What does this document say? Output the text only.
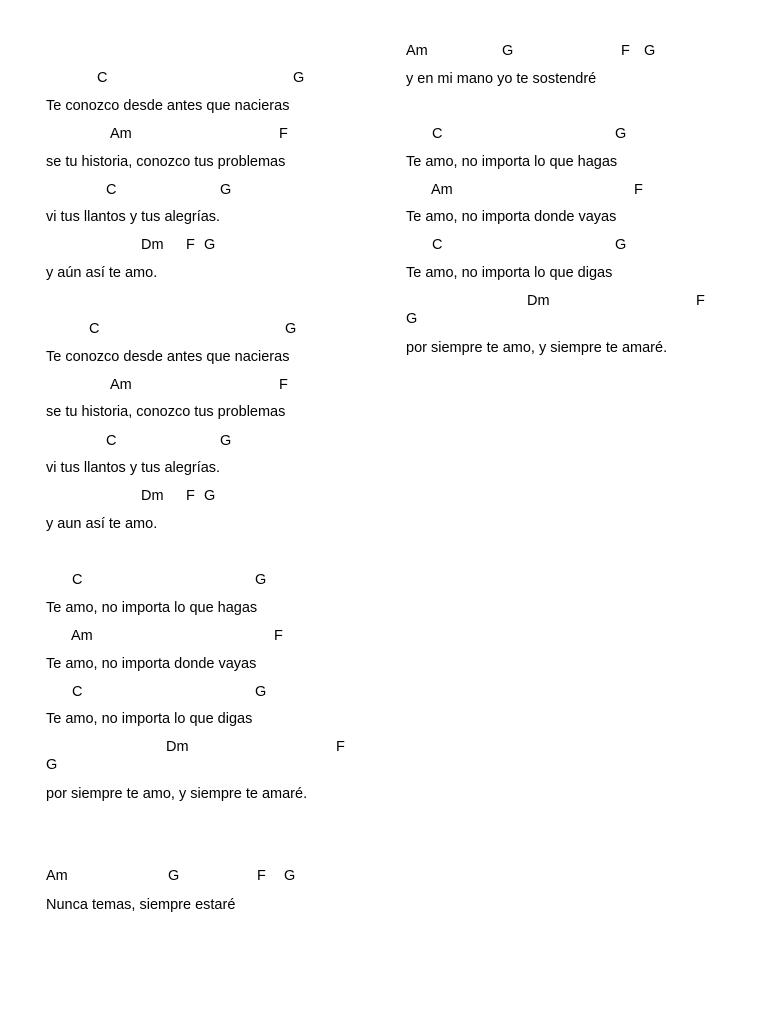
C	G
Te conozco desde antes que nacieras
Am	F
se tu historia, conozco tus problemas
C	G
vi tus llantos y tus alegrías.
Dm F G
y aún así te amo.
C	G
Te conozco desde antes que nacieras
Am	F
se tu historia, conozco tus problemas
C	G
vi tus llantos y tus alegrías.
Dm F G
y aun así te amo.
C	G
Te amo, no importa lo que hagas
Am	F
Te amo, no importa donde vayas
C	G
Te amo, no importa lo que digas
Dm	F
G
por siempre te amo, y siempre te amaré.
Am	G	F G
Nunca temas, siempre estaré
Am	G	F G
y en mi mano yo te sostendré
C	G
Te amo, no importa lo que hagas
Am	F
Te amo, no importa donde vayas
C	G
Te amo, no importa lo que digas
Dm	F
G
por siempre te amo, y siempre te amaré.
